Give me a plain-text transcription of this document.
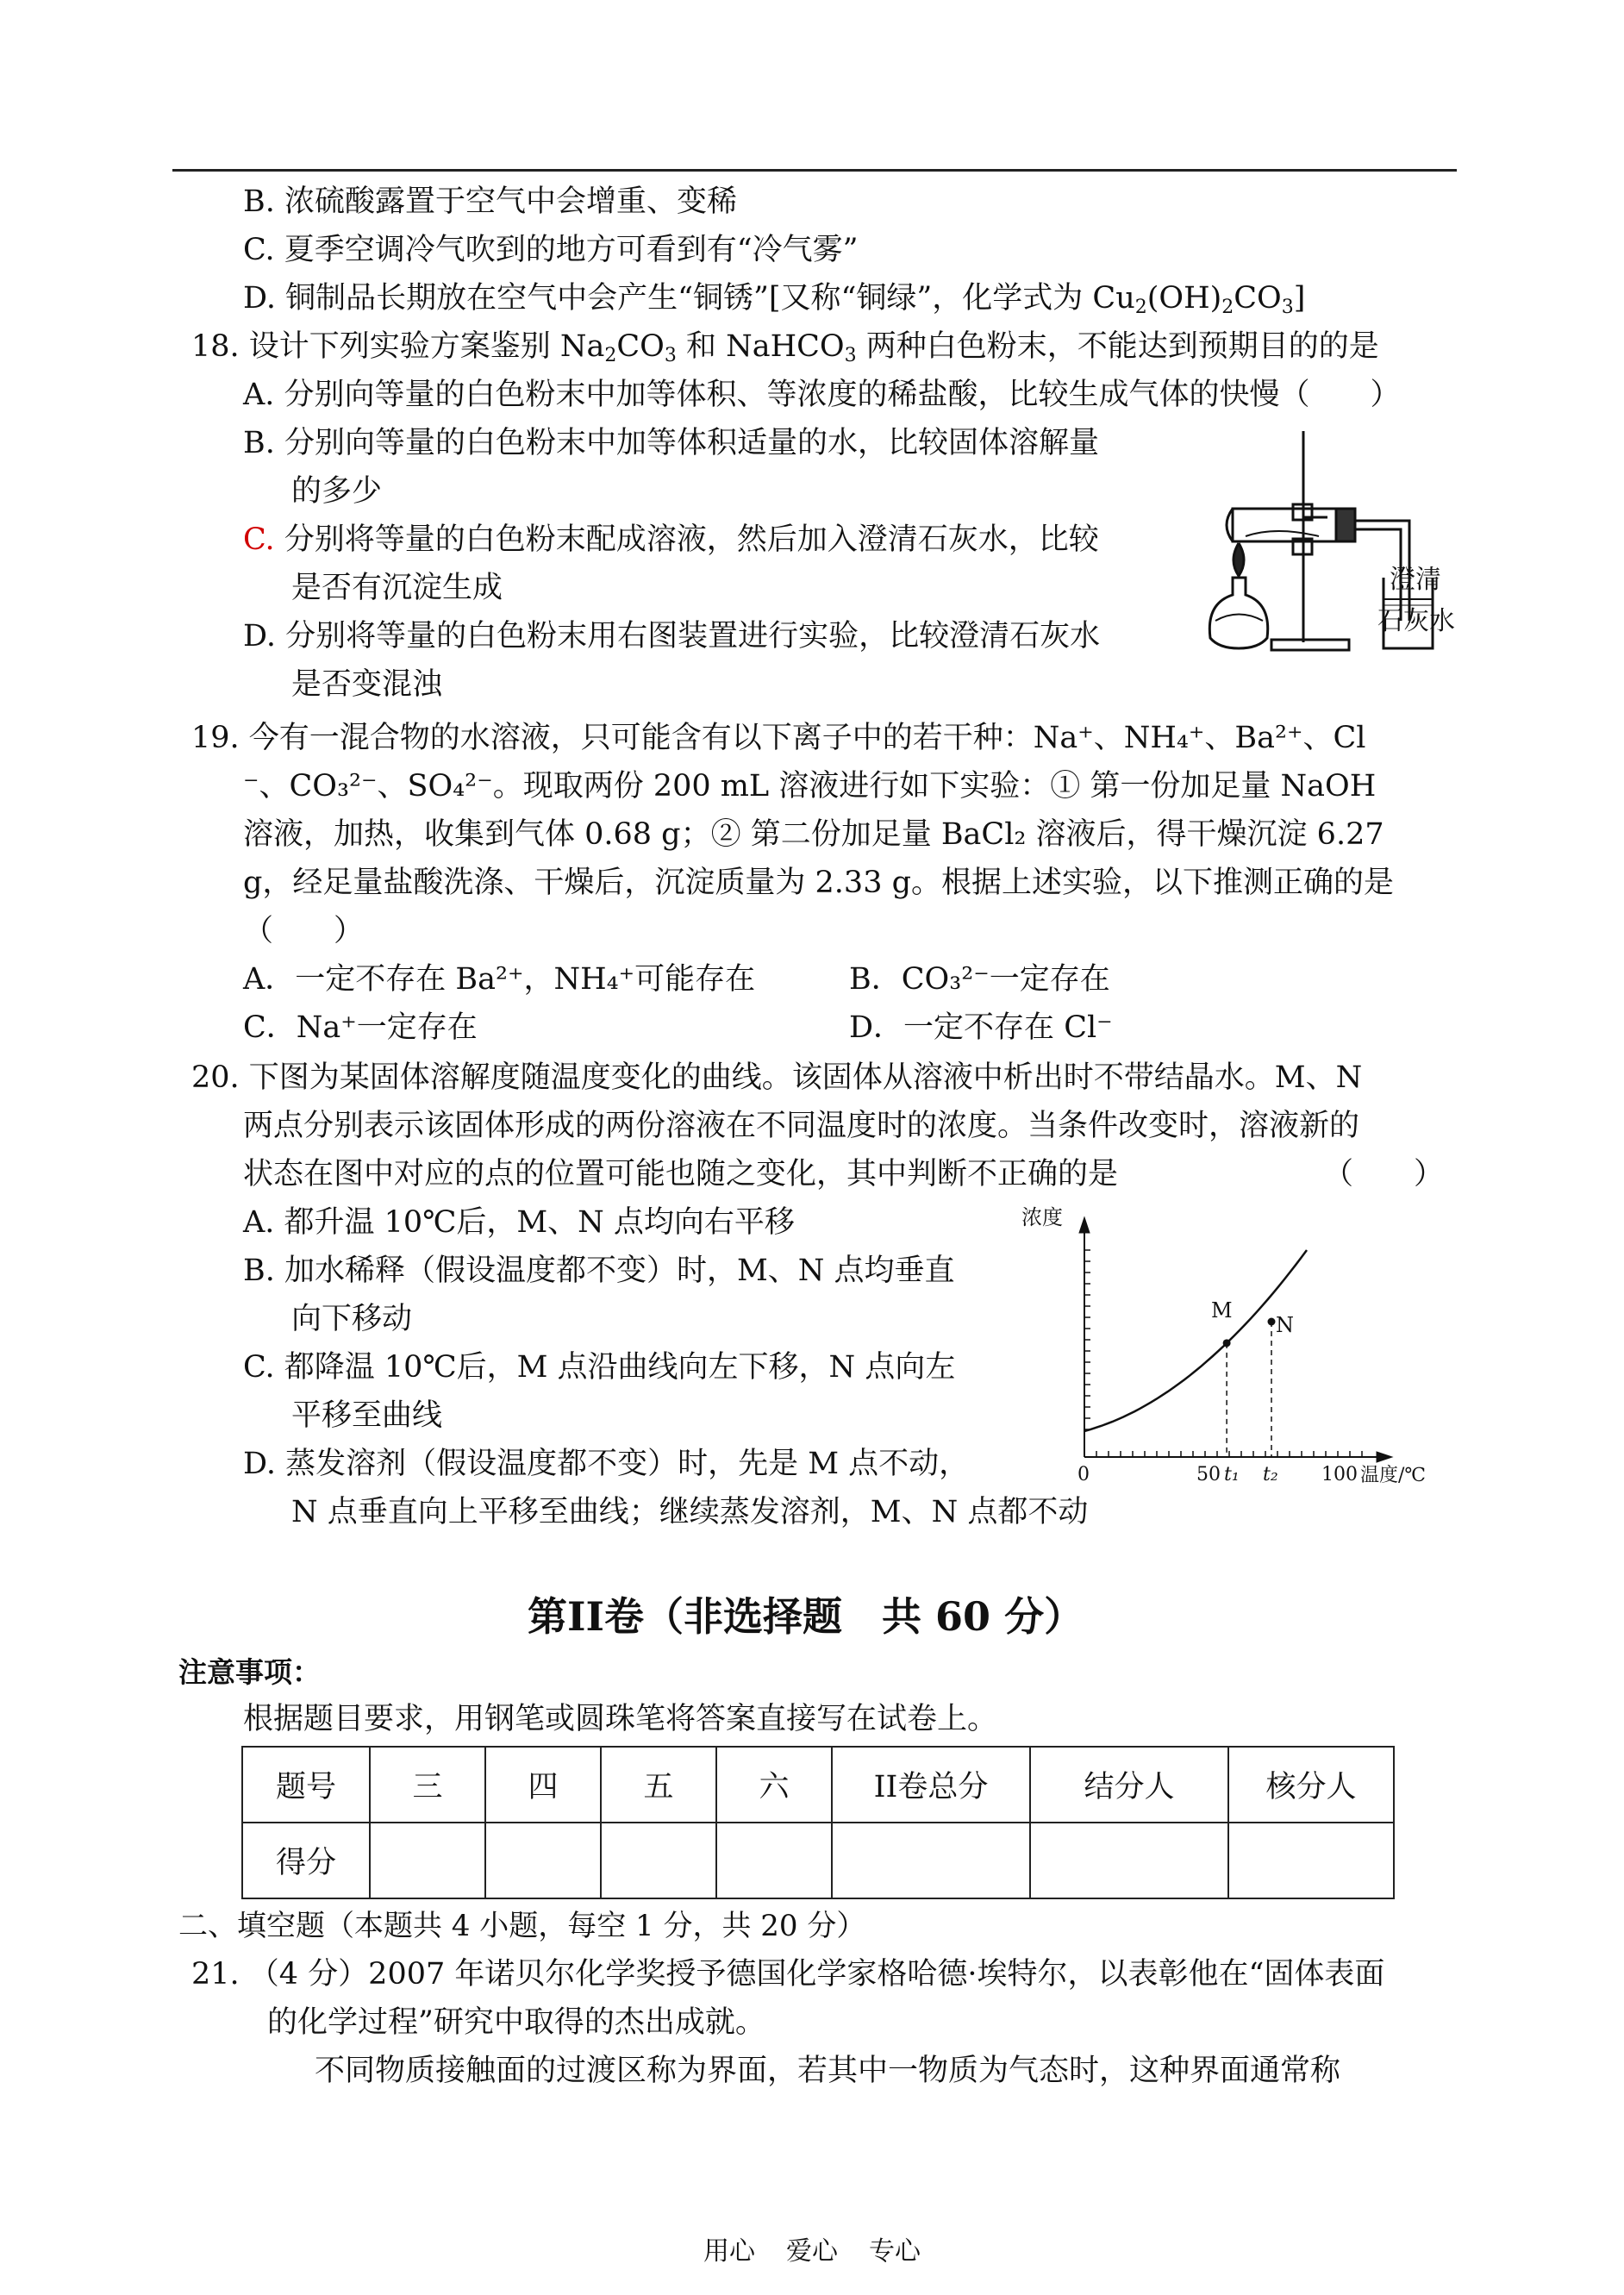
B. 浓硫酸露置于空气中会增重、变稀
C. 夏季空调冷气吹到的地方可看到有“冷气雾”
D. 铜制品长期放在空气中会产生“铜锈”[又称“铜绿”，化学式为 $Cu_2(OH)_2CO_3$]
18. 设计下列实验方案鉴别 $Na_2CO_3$ 和 NaHCO$_3$ 两种白色粉末，不能达到预期目的的是
A. 分别向等量的白色粉末中加等体积、等浓度的稀盐酸，比较生成气体的快慢（　　）
B. 分别向等量的白色粉末中加等体积适量的水，比较固体溶解量
的多少
C. 分别将等量的白色粉末配成溶液，然后加入澄清石灰水，比较
是否有沉淀生成
D. 分别将等量的白色粉末用右图装置进行实验，比较澄清石灰水
是否变混浊
澄清
石灰水
19. 今有一混合物的水溶液，只可能含有以下离子中的若干种：Na⁺、NH₄⁺、Ba²⁺、Cl
⁻、CO₃²⁻、SO₄²⁻。现取两份 200 mL 溶液进行如下实验：① 第一份加足量 NaOH
溶液，加热，收集到气体 0.68 g；② 第二份加足量 BaCl₂ 溶液后，得干燥沉淀 6.27
g，经足量盐酸洗涤、干燥后，沉淀质量为 2.33 g。根据上述实验，以下推测正确的是
（　　）
A．一定不存在 Ba²⁺，NH₄⁺可能存在	B．CO₃²⁻一定存在
C．Na⁺一定存在	D．一定不存在 Cl⁻
20. 下图为某固体溶解度随温度变化的曲线。该固体从溶液中析出时不带结晶水。M、N
两点分别表示该固体形成的两份溶液在不同温度时的浓度。当条件改变时，溶液新的
状态在图中对应的点的位置可能也随之变化，其中判断不正确的是	（　　）
A. 都升温 10℃后，M、N 点均向右平移
B. 加水稀释（假设温度都不变）时，M、N 点均垂直
向下移动
C. 都降温 10℃后，M 点沿曲线向左下移，N 点向左
平移至曲线
D. 蒸发溶剂（假设温度都不变）时，先是 M 点不动，
N 点垂直向上平移至曲线；继续蒸发溶剂，M、N 点都不动
浓度
温度/℃
0	50 t₁ t₂ 100
M
N
第II卷（非选择题　共 60 分）
注意事项：
根据题目要求，用钢笔或圆珠笔将答案直接写在试卷上。
题号	三	四	五	六	II卷总分	结分人	核分人
得分							
二、填空题（本题共 4 小题，每空 1 分，共 20 分）
21. （4 分）2007 年诺贝尔化学奖授予德国化学家格哈德·埃特尔，以表彰他在“固体表面
的化学过程”研究中取得的杰出成就。
不同物质接触面的过渡区称为界面，若其中一物质为气态时，这种界面通常称
用心 爱心 专心
